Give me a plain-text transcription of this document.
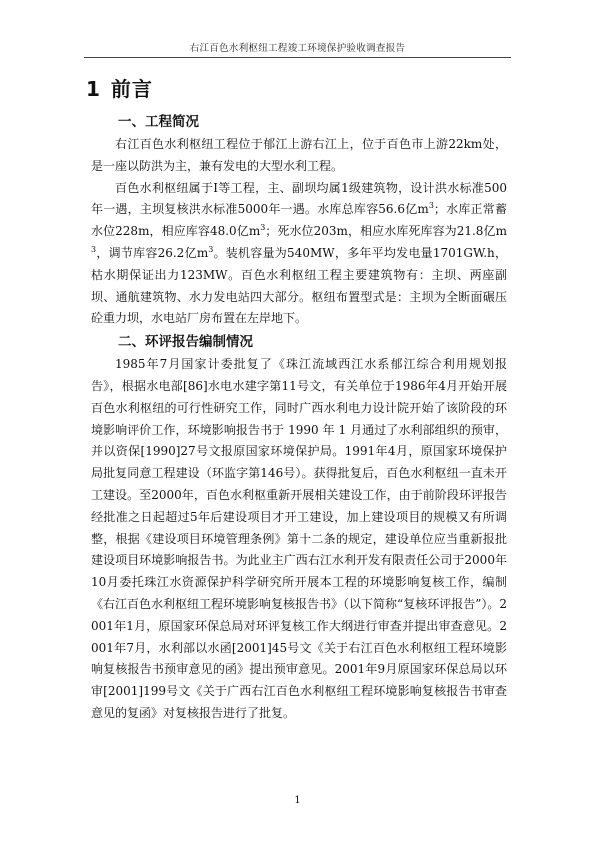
右江百色水利枢纽工程竣工环境保护验收调查报告
1 前言
一、工程简况

右江百色水利枢纽工程位于郁江上游右江上，位于百色市上游22km处，是一座以防洪为主，兼有发电的大型水利工程。

百色水利枢纽属于I等工程，主、副坝均属1级建筑物，设计洪水标准500年一遇，主坝复核洪水标准5000年一遇。水库总库容56.6亿$m^3$；水库正常蓄水位228m，相应库容48.0亿$m^3$；死水位203m，相应水库死库容为21.8亿$m^3$，调节库容26.2亿$m^3$。装机容量为540MW，多年平均发电量1701GW.h，枯水期保证出力123MW。百色水利枢纽工程主要建筑物有：主坝、两座副坝、通航建筑物、水力发电站四大部分。枢纽布置型式是：主坝为全断面碾压砼重力坝，水电站厂房布置在左岸地下。

二、环评报告编制情况

1985年7月国家计委批复了《珠江流域西江水系郁江综合利用规划报告》，根据水电部[86]水电水建字第11号文，有关单位于1986年4月开始开展百色水利枢纽的可行性研究工作，同时广西水利电力设计院开始了该阶段的环境影响评价工作，环境影响报告书于 1990 年 1 月通过了水利部组织的预审，并以资保[1990]27号文报原国家环境保护局。1991年4月，原国家环境保护局批复同意工程建设（环监字第146号）。获得批复后，百色水利枢纽一直未开工建设。至2000年，百色水利枢重新开展相关建设工作，由于前阶段环评报告经批准之日起超过5年后建设项目才开工建设，加上建设项目的规模又有所调整，根据《建设项目环境管理条例》第十二条的规定，建设单位应当重新报批建设项目环境影响报告书。为此业主广西右江水利开发有限责任公司于2000年10月委托珠江水资源保护科学研究所开展本工程的环境影响复核工作，编制《右江百色水利枢纽工程环境影响复核报告书》（以下简称“复核环评报告”）。2001年1月，原国家环保总局对环评复核工作大纲进行审查并提出审查意见。2001年7月，水利部以水函[2001]45号文《关于右江百色水利枢纽工程环境影响复核报告书预审意见的函》提出预审意见。2001年9月原国家环保总局以环审[2001]199号文《关于广西右江百色水利枢纽工程环境影响复核报告书审查意见的复函》对复核报告进行了批复。

1
